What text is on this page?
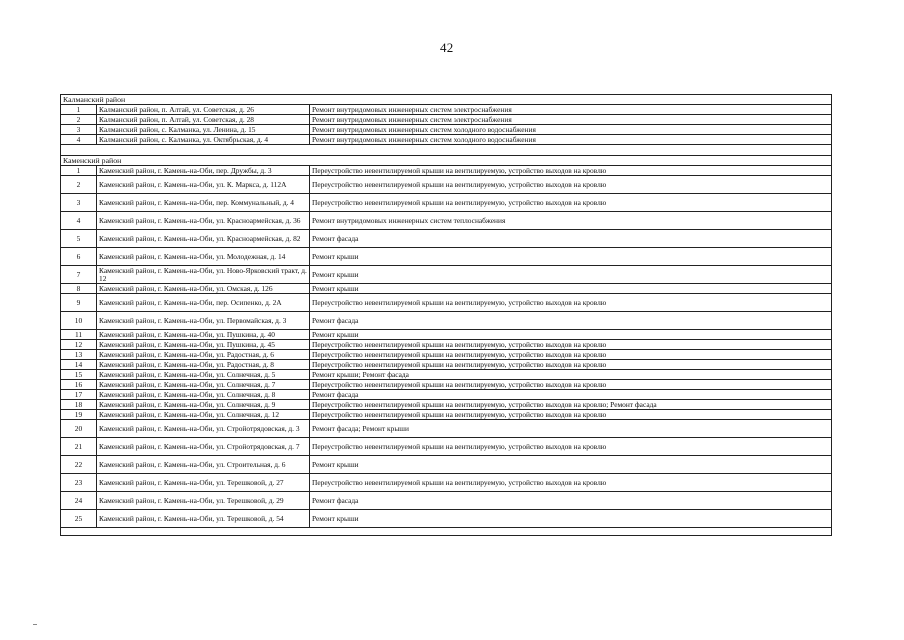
42
Калманский район		
1	Калманский район, п. Алтай, ул. Советская, д. 26	Ремонт внутридомовых инженерных систем электроснабжения
2	Калманский район, п. Алтай, ул. Советская, д. 28	Ремонт внутридомовых инженерных систем электроснабжения
3	Калманский район, с. Калманка, ул. Ленина, д. 15	Ремонт внутридомовых инженерных систем холодного водоснабжения
4	Калманский район, с. Калманка, ул. Октябрьская, д. 4	Ремонт внутридомовых инженерных систем холодного водоснабжения

Каменский район		
1	Каменский район, г. Камень-на-Оби, пер. Дружбы, д. 3	Переустройство невентилируемой крыши на вентилируемую, устройство выходов на кровлю
2	Каменский район, г. Камень-на-Оби, ул. К. Маркса, д. 112А	Переустройство невентилируемой крыши на вентилируемую, устройство выходов на кровлю
3	Каменский район, г. Камень-на-Оби, пер. Коммунальный, д. 4	Переустройство невентилируемой крыши на вентилируемую, устройство выходов на кровлю
4	Каменский район, г. Камень-на-Оби, ул. Красноармейская, д. 36	Ремонт внутридомовых инженерных систем теплоснабжения
5	Каменский район, г. Камень-на-Оби, ул. Красноармейская, д. 82	Ремонт фасада
6	Каменский район, г. Камень-на-Оби, ул. Молодежная, д. 14	Ремонт крыши
7	Каменский район, г. Камень-на-Оби, ул. Ново-Ярковский тракт, д. 12	Ремонт крыши
8	Каменский район, г. Камень-на-Оби, ул. Омская, д. 126	Ремонт крыши
9	Каменский район, г. Камень-на-Оби, пер. Осипенко, д. 2А	Переустройство невентилируемой крыши на вентилируемую, устройство выходов на кровлю
10	Каменский район, г. Камень-на-Оби, ул. Первомайская, д. 3	Ремонт фасада
11	Каменский район, г. Камень-на-Оби, ул. Пушкина, д. 40	Ремонт крыши
12	Каменский район, г. Камень-на-Оби, ул. Пушкина, д. 45	Переустройство невентилируемой крыши на вентилируемую, устройство выходов на кровлю
13	Каменский район, г. Камень-на-Оби, ул. Радостная, д. 6	Переустройство невентилируемой крыши на вентилируемую, устройство выходов на кровлю
14	Каменский район, г. Камень-на-Оби, ул. Радостная, д. 8	Переустройство невентилируемой крыши на вентилируемую, устройство выходов на кровлю
15	Каменский район, г. Камень-на-Оби, ул. Солнечная, д. 5	Ремонт крыши; Ремонт фасада
16	Каменский район, г. Камень-на-Оби, ул. Солнечная, д. 7	Переустройство невентилируемой крыши на вентилируемую, устройство выходов на кровлю
17	Каменский район, г. Камень-на-Оби, ул. Солнечная, д. 8	Ремонт фасада
18	Каменский район, г. Камень-на-Оби, ул. Солнечная, д. 9	Переустройство невентилируемой крыши на вентилируемую, устройство выходов на кровлю; Ремонт фасада
19	Каменский район, г. Камень-на-Оби, ул. Солнечная, д. 12	Переустройство невентилируемой крыши на вентилируемую, устройство выходов на кровлю
20	Каменский район, г. Камень-на-Оби, ул. Стройотрядовская, д. 3	Ремонт фасада; Ремонт крыши
21	Каменский район, г. Камень-на-Оби, ул. Стройотрядовская, д. 7	Переустройство невентилируемой крыши на вентилируемую, устройство выходов на кровлю
22	Каменский район, г. Камень-на-Оби, ул. Строительная, д. 6	Ремонт крыши
23	Каменский район, г. Камень-на-Оби, ул. Терешковой, д. 27	Переустройство невентилируемой крыши на вентилируемую, устройство выходов на кровлю
24	Каменский район, г. Камень-на-Оби, ул. Терешковой, д. 29	Ремонт фасада
25	Каменский район, г. Камень-на-Оби, ул. Терешковой, д. 54	Ремонт крыши
